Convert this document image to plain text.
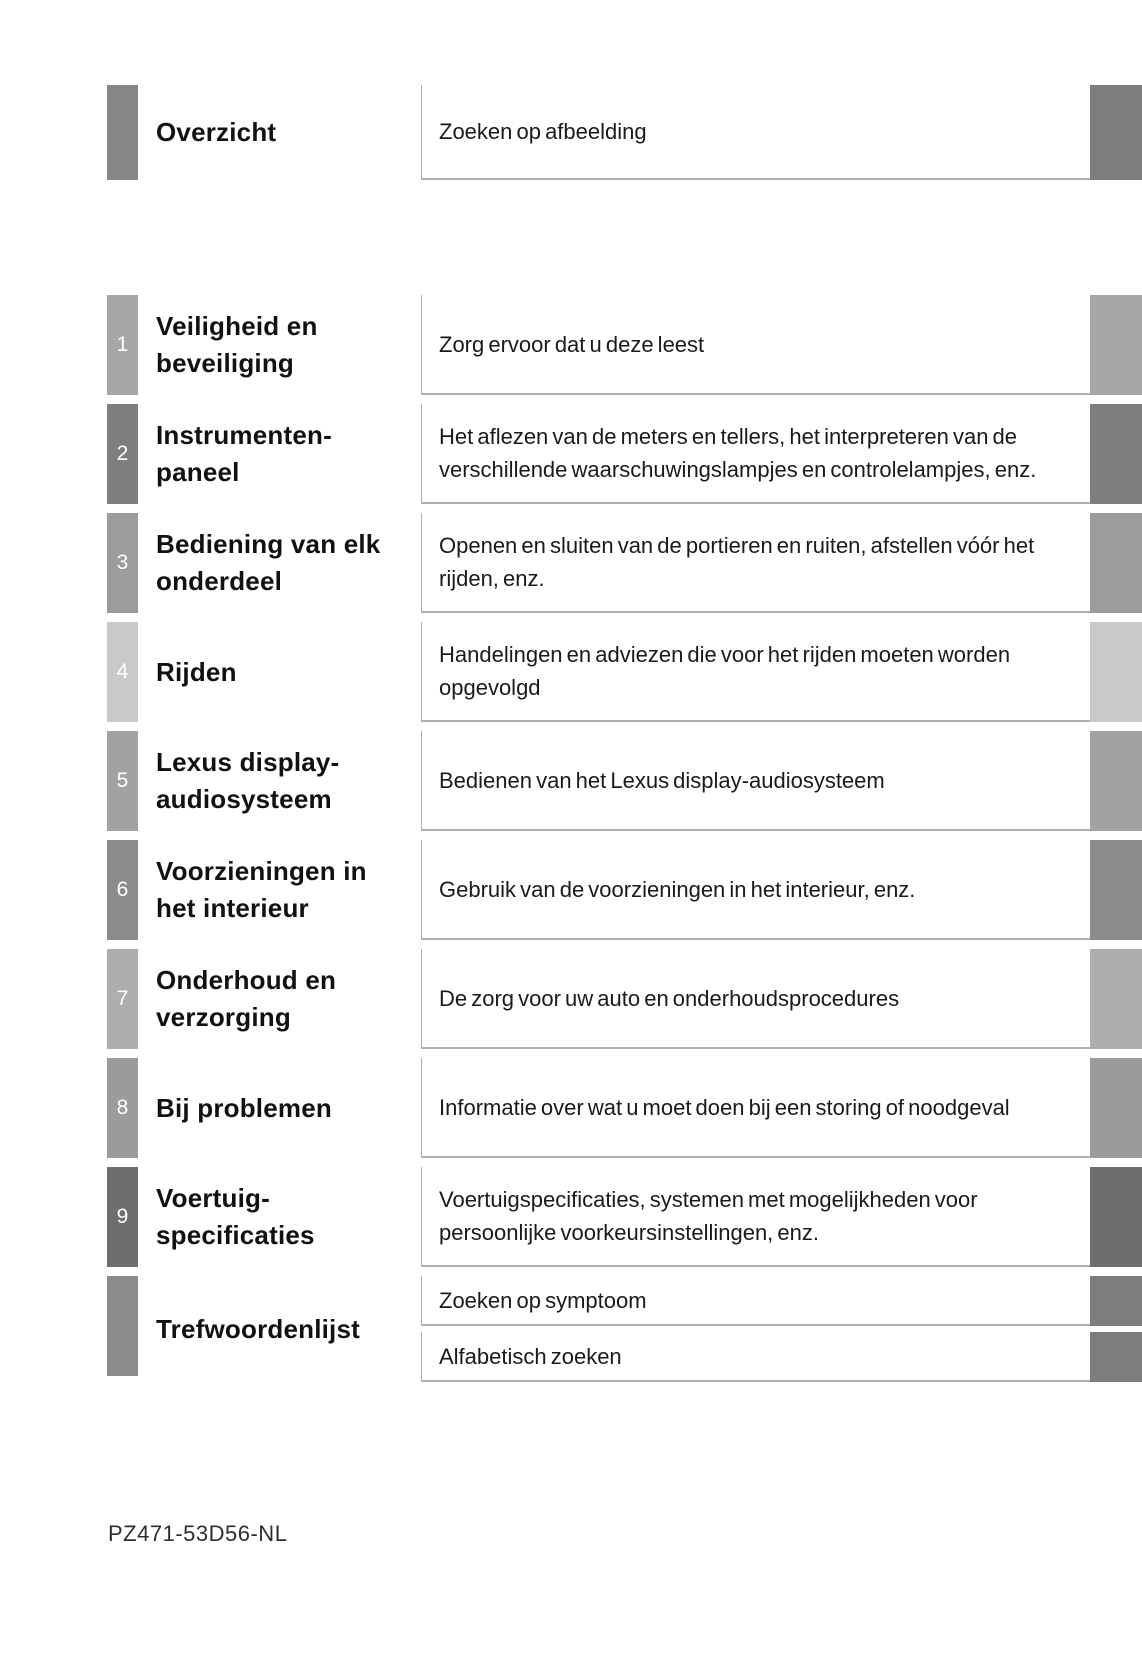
Overzicht	Zoeken op afbeelding
1
Veiligheid en
beveiliging
Zorg ervoor dat u deze leest
2
Instrumenten-
paneel
Het aflezen van de meters en tellers, het interpreteren van de verschillende waarschuwingslampjes en controlelampjes, enz.
3
Bediening van elk
onderdeel
Openen en sluiten van de portieren en ruiten, afstellen vóór het rijden, enz.
4 Rijden
Handelingen en adviezen die voor het rijden moeten worden opgevolgd
5
Lexus display-
audiosysteem
Bedienen van het Lexus display-audiosysteem
6
Voorzieningen in
het interieur
Gebruik van de voorzieningen in het interieur, enz.
7
Onderhoud en
verzorging
De zorg voor uw auto en onderhoudsprocedures
8 Bij problemen	Informatie over wat u moet doen bij een storing of noodgeval
9
Voertuig-
specificaties
Voertuigspecificaties, systemen met mogelijkheden voor persoonlijke voorkeursinstellingen, enz.
Trefwoordenlijst
Zoeken op symptoom
Alfabetisch zoeken
PZ471-53D56-NL
